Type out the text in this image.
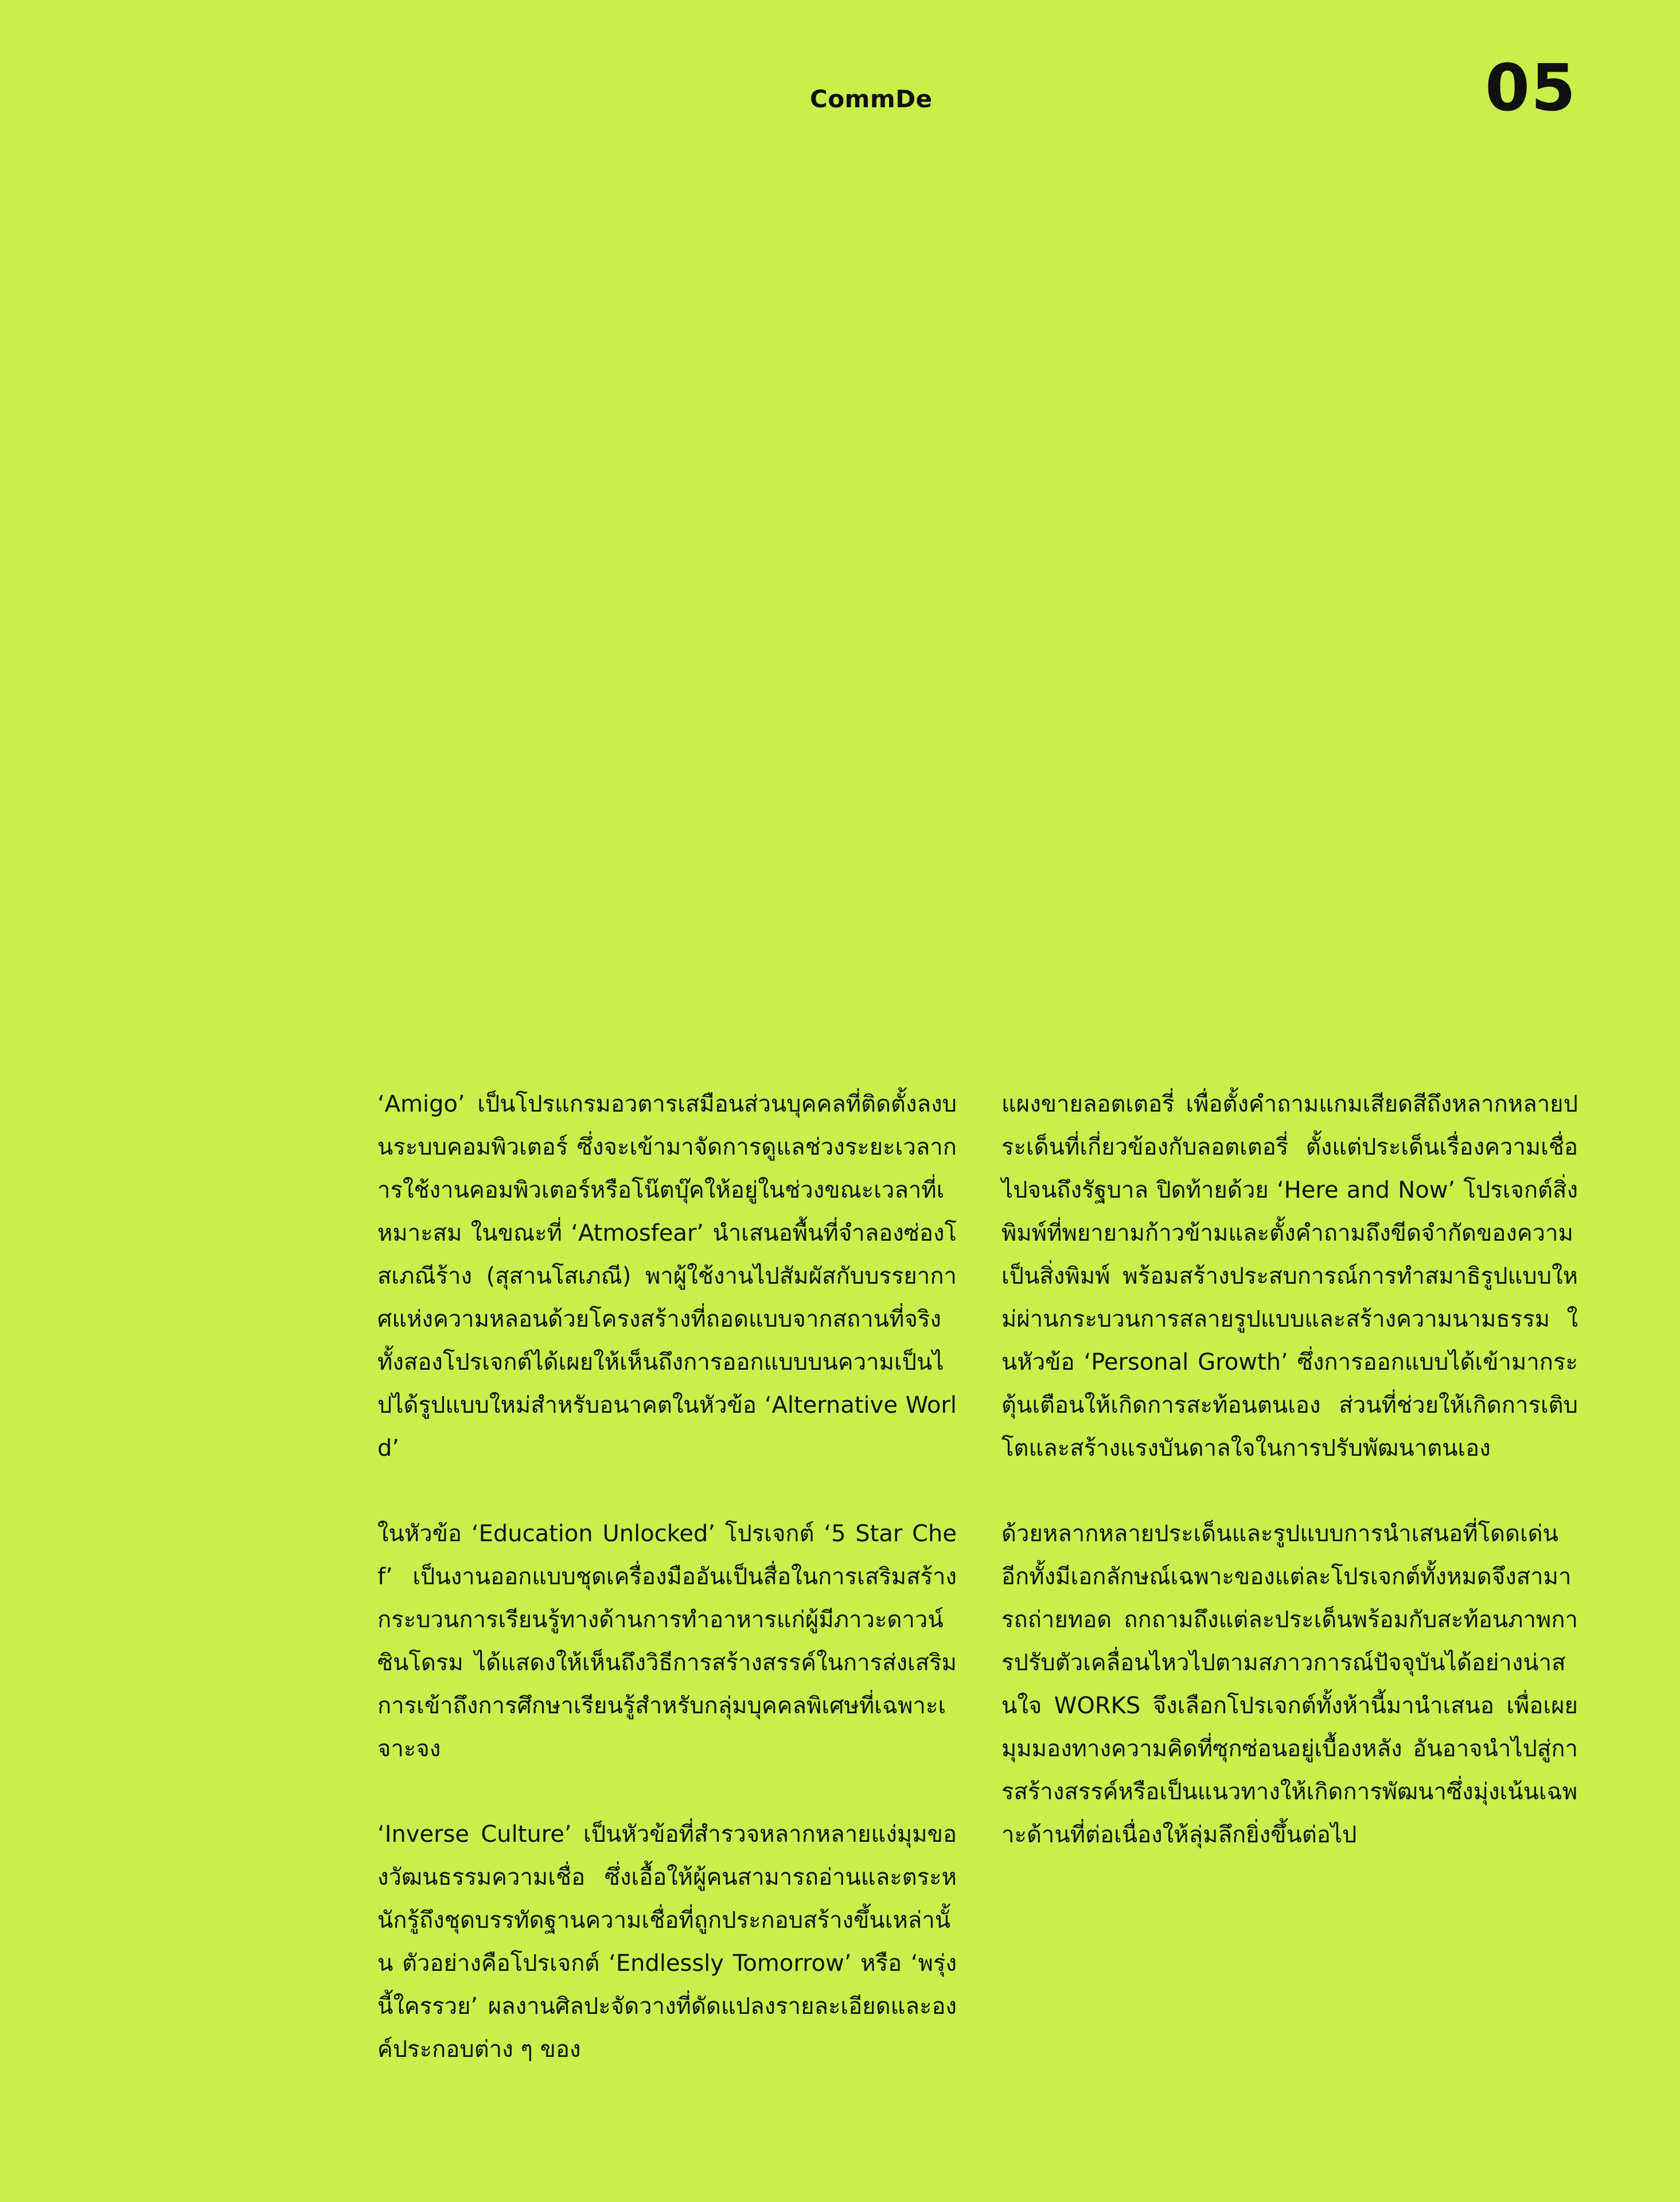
CommDe	05

‘Amigo’ เป็นโปรแกรมอวตารเสมือนส่วนบุคคลที่ติดตั้งลงบนระบบคอมพิวเตอร์ ซึ่งจะเข้ามาจัดการดูแลช่วงระยะเวลาการใช้งานคอมพิวเตอร์หรือโน๊ตบุ๊คให้อยู่ในช่วงขณะเวลาที่เหมาะสม ในขณะที่ ‘Atmosfear’ นำเสนอพื้นที่จำลองซ่องโสเภณีร้าง (สุสานโสเภณี) พาผู้ใช้งานไปสัมผัสกับบรรยากาศแห่งความหลอนด้วยโครงสร้างที่ถอดแบบจากสถานที่จริง ทั้งสองโปรเจกต์ได้เผยให้เห็นถึงการออกแบบบนความเป็นไปได้รูปแบบใหม่สำหรับอนาคตในหัวข้อ ‘Alternative World’

ในหัวข้อ ‘Education Unlocked’ โปรเจกต์ ‘5 Star Chef’ เป็นงานออกแบบชุดเครื่องมืออันเป็นสื่อในการเสริมสร้างกระบวนการเรียนรู้ทางด้านการทำอาหารแก่ผู้มีภาวะดาวน์ซินโดรม ได้แสดงให้เห็นถึงวิธีการสร้างสรรค์ในการส่งเสริมการเข้าถึงการศึกษาเรียนรู้สำหรับกลุ่มบุคคลพิเศษที่เฉพาะเจาะจง

‘Inverse Culture’ เป็นหัวข้อที่สำรวจหลากหลายแง่มุมของวัฒนธรรมความเชื่อ ซึ่งเอื้อให้ผู้คนสามารถอ่านและตระหนักรู้ถึงชุดบรรทัดฐานความเชื่อที่ถูกประกอบสร้างขึ้นเหล่านั้น ตัวอย่างคือโปรเจกต์ ‘Endlessly Tomorrow’ หรือ ‘พรุ่งนี้ใครรวย’ ผลงานศิลปะจัดวางที่ดัดแปลงรายละเอียดและองค์ประกอบต่าง ๆ ของ

แผงขายลอตเตอรี่ เพื่อตั้งคำถามแกมเสียดสีถึงหลากหลายประเด็นที่เกี่ยวข้องกับลอตเตอรี่ ตั้งแต่ประเด็นเรื่องความเชื่อไปจนถึงรัฐบาล ปิดท้ายด้วย ‘Here and Now’ โปรเจกต์สิ่งพิมพ์ที่พยายามก้าวข้ามและตั้งคำถามถึงขีดจำกัดของความเป็นสิ่งพิมพ์ พร้อมสร้างประสบการณ์การทำสมาธิรูปแบบใหม่ผ่านกระบวนการสลายรูปแบบและสร้างความนามธรรม ในหัวข้อ ‘Personal Growth’ ซึ่งการออกแบบได้เข้ามากระตุ้นเตือนให้เกิดการสะท้อนตนเอง ส่วนที่ช่วยให้เกิดการเติบโตและสร้างแรงบันดาลใจในการปรับพัฒนาตนเอง

ด้วยหลากหลายประเด็นและรูปแบบการนำเสนอที่โดดเด่น อีกทั้งมีเอกลักษณ์เฉพาะของแต่ละโปรเจกต์ทั้งหมดจึงสามารถถ่ายทอด ถกถามถึงแต่ละประเด็นพร้อมกับสะท้อนภาพการปรับตัวเคลื่อนไหวไปตามสภาวการณ์ปัจจุบันได้อย่างน่าสนใจ WORKS จึงเลือกโปรเจกต์ทั้งห้านี้มานำเสนอ เพื่อเผยมุมมองทางความคิดที่ซุกซ่อนอยู่เบื้องหลัง อันอาจนำไปสู่การสร้างสรรค์หรือเป็นแนวทางให้เกิดการพัฒนาซึ่งมุ่งเน้นเฉพาะด้านที่ต่อเนื่องให้ลุ่มลึกยิ่งขึ้นต่อไป
